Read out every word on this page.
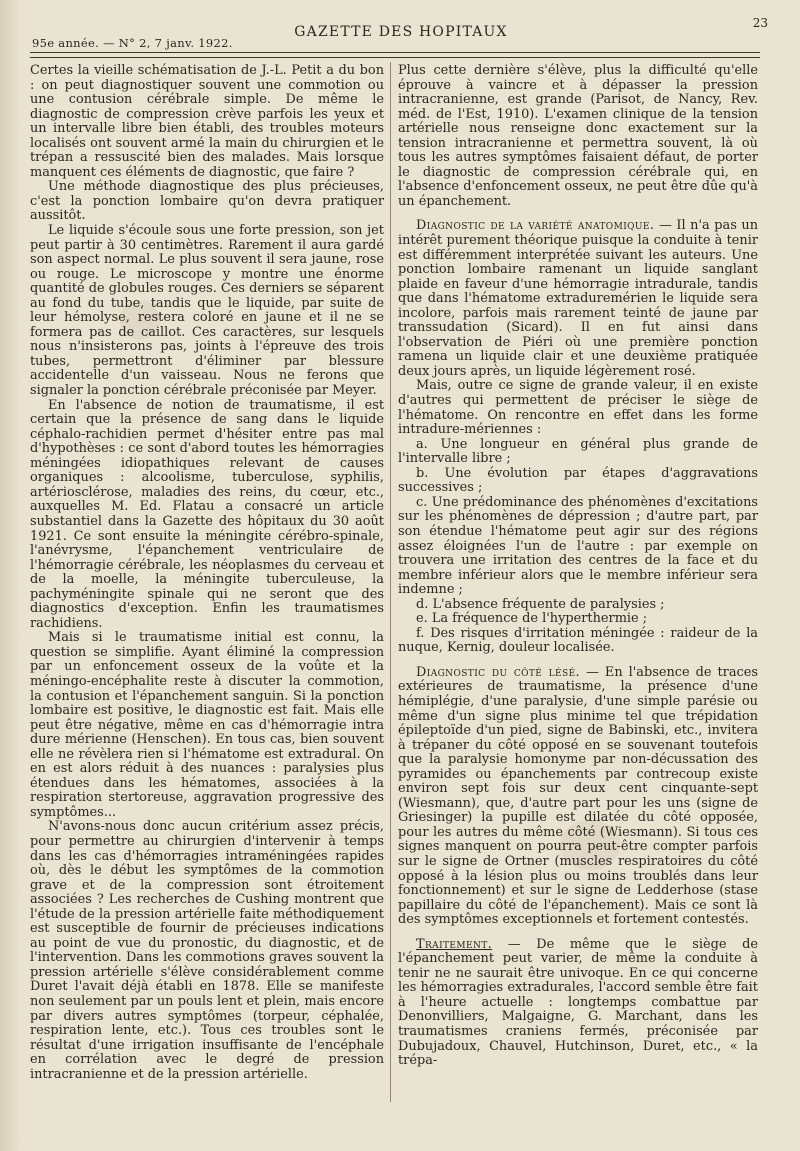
95e année. — N° 2, 7 janv. 1922.
GAZETTE DES HOPITAUX
23

Certes la vieille schématisation de J.-L. Petit a du bon : on peut diagnostiquer souvent une commotion ou une contusion cérébrale simple. De même le diagnostic de compression crève parfois les yeux et un intervalle libre bien établi, des troubles moteurs localisés ont souvent armé la main du chirurgien et le trépan a ressuscité bien des malades. Mais lorsque manquent ces éléments de diagnostic, que faire ?

Une méthode diagnostique des plus précieuses, c'est la ponction lombaire qu'on devra pratiquer aussitôt.

Le liquide s'écoule sous une forte pression, son jet peut partir à 30 centimètres. Rarement il aura gardé son aspect normal. Le plus souvent il sera jaune, rose ou rouge. Le microscope y montre une énorme quantité de globules rouges. Ces derniers se séparent au fond du tube, tandis que le liquide, par suite de leur hémolyse, restera coloré en jaune et il ne se formera pas de caillot. Ces caractères, sur lesquels nous n'insisterons pas, joints à l'épreuve des trois tubes, permettront d'éliminer par blessure accidentelle d'un vaisseau. Nous ne ferons que signaler la ponction cérébrale préconisée par Meyer.

En l'absence de notion de traumatisme, il est certain que la présence de sang dans le liquide céphalo-rachidien permet d'hésiter entre pas mal d'hypothèses : ce sont d'abord toutes les hémorragies méningées idiopathiques relevant de causes organiques : alcoolisme, tuberculose, syphilis, artériosclérose, maladies des reins, du cœur, etc., auxquelles M. Ed. Flatau a consacré un article substantiel dans la Gazette des hôpitaux du 30 août 1921. Ce sont ensuite la méningite cérébro-spinale, l'anévrysme, l'épanchement ventriculaire de l'hémorragie cérébrale, les néoplasmes du cerveau et de la moelle, la méningite tuberculeuse, la pachyméningite spinale qui ne seront que des diagnostics d'exception. Enfin les traumatismes rachidiens.

Mais si le traumatisme initial est connu, la question se simplifie. Ayant éliminé la compression par un enfoncement osseux de la voûte et la méningo-encéphalite reste à discuter la commotion, la contusion et l'épanchement sanguin. Si la ponction lombaire est positive, le diagnostic est fait. Mais elle peut être négative, même en cas d'hémorragie intra dure mérienne (Henschen). En tous cas, bien souvent elle ne révèlera rien si l'hématome est extradural. On en est alors réduit à des nuances : paralysies plus étendues dans les hématomes, associées à la respiration stertoreuse, aggravation progressive des symptômes...

N'avons-nous donc aucun critérium assez précis, pour permettre au chirurgien d'intervenir à temps dans les cas d'hémorragies intraméningées rapides où, dès le début les symptômes de la commotion grave et de la compression sont étroitement associées ? Les recherches de Cushing montrent que l'étude de la pression artérielle faite méthodiquement est susceptible de fournir de précieuses indications au point de vue du pronostic, du diagnostic, et de l'intervention. Dans les commotions graves souvent la pression artérielle s'élève considérablement comme Duret l'avait déjà établi en 1878. Elle se manifeste non seulement par un pouls lent et plein, mais encore par divers autres symptômes (torpeur, céphalée, respiration lente, etc.). Tous ces troubles sont le résultat d'une irrigation insuffisante de l'encéphale en corrélation avec le degré de pression intracranienne et de la pression artérielle.

Plus cette dernière s'élève, plus la difficulté qu'elle éprouve à vaincre et à dépasser la pression intracranienne, est grande (Parisot, de Nancy, Rev. méd. de l'Est, 1910). L'examen clinique de la tension artérielle nous renseigne donc exactement sur la tension intracranienne et permettra souvent, là où tous les autres symptômes faisaient défaut, de porter le diagnostic de compression cérébrale qui, en l'absence d'enfoncement osseux, ne peut être dûe qu'à un épanchement.

Diagnostic de la variété anatomique. — Il n'a pas un intérêt purement théorique puisque la conduite à tenir est différemment interprétée suivant les auteurs. Une ponction lombaire ramenant un liquide sanglant plaide en faveur d'une hémorragie intradurale, tandis que dans l'hématome extraduremérien le liquide sera incolore, parfois mais rarement teinté de jaune par transsudation (Sicard). Il en fut ainsi dans l'observation de Piéri où une première ponction ramena un liquide clair et une deuxième pratiquée deux jours après, un liquide légèrement rosé.

Mais, outre ce signe de grande valeur, il en existe d'autres qui permettent de préciser le siège de l'hématome. On rencontre en effet dans les forme intradure-mériennes :

a. Une longueur en général plus grande de l'intervalle libre ;

b. Une évolution par étapes d'aggravations successives ;

c. Une prédominance des phénomènes d'excitations sur les phénomènes de dépression ; d'autre part, par son étendue l'hématome peut agir sur des régions assez éloignées l'un de l'autre : par exemple on trouvera une irritation des centres de la face et du membre inférieur alors que le membre inférieur sera indemne ;

d. L'absence fréquente de paralysies ;

e. La fréquence de l'hyperthermie ;

f. Des risques d'irritation méningée : raideur de la nuque, Kernig, douleur localisée.

Diagnostic du côté lésé. — En l'absence de traces extérieures de traumatisme, la présence d'une hémiplégie, d'une paralysie, d'une simple parésie ou même d'un signe plus minime tel que trépidation épileptoïde d'un pied, signe de Babinski, etc., invitera à trépaner du côté opposé en se souvenant toutefois que la paralysie homonyme par non-décussation des pyramides ou épanchements par contrecoup existe environ sept fois sur deux cent cinquante-sept (Wiesmann), que, d'autre part pour les uns (signe de Griesinger) la pupille est dilatée du côté opposée, pour les autres du même côté (Wiesmann). Si tous ces signes manquent on pourra peut-être compter parfois sur le signe de Ortner (muscles respiratoires du côté opposé à la lésion plus ou moins troublés dans leur fonctionnement) et sur le signe de Ledderhose (stase papillaire du côté de l'épanchement). Mais ce sont là des symptômes exceptionnels et fortement contestés.

Traitement. — De même que le siège de l'épanchement peut varier, de même la conduite à tenir ne ne saurait être univoque. En ce qui concerne les hémorragies extradurales, l'accord semble être fait à l'heure actuelle : longtemps combattue par Denonvilliers, Malgaigne, G. Marchant, dans les traumatismes craniens fermés, préconisée par Dubujadoux, Chauvel, Hutchinson, Duret, etc., « la trépa-
